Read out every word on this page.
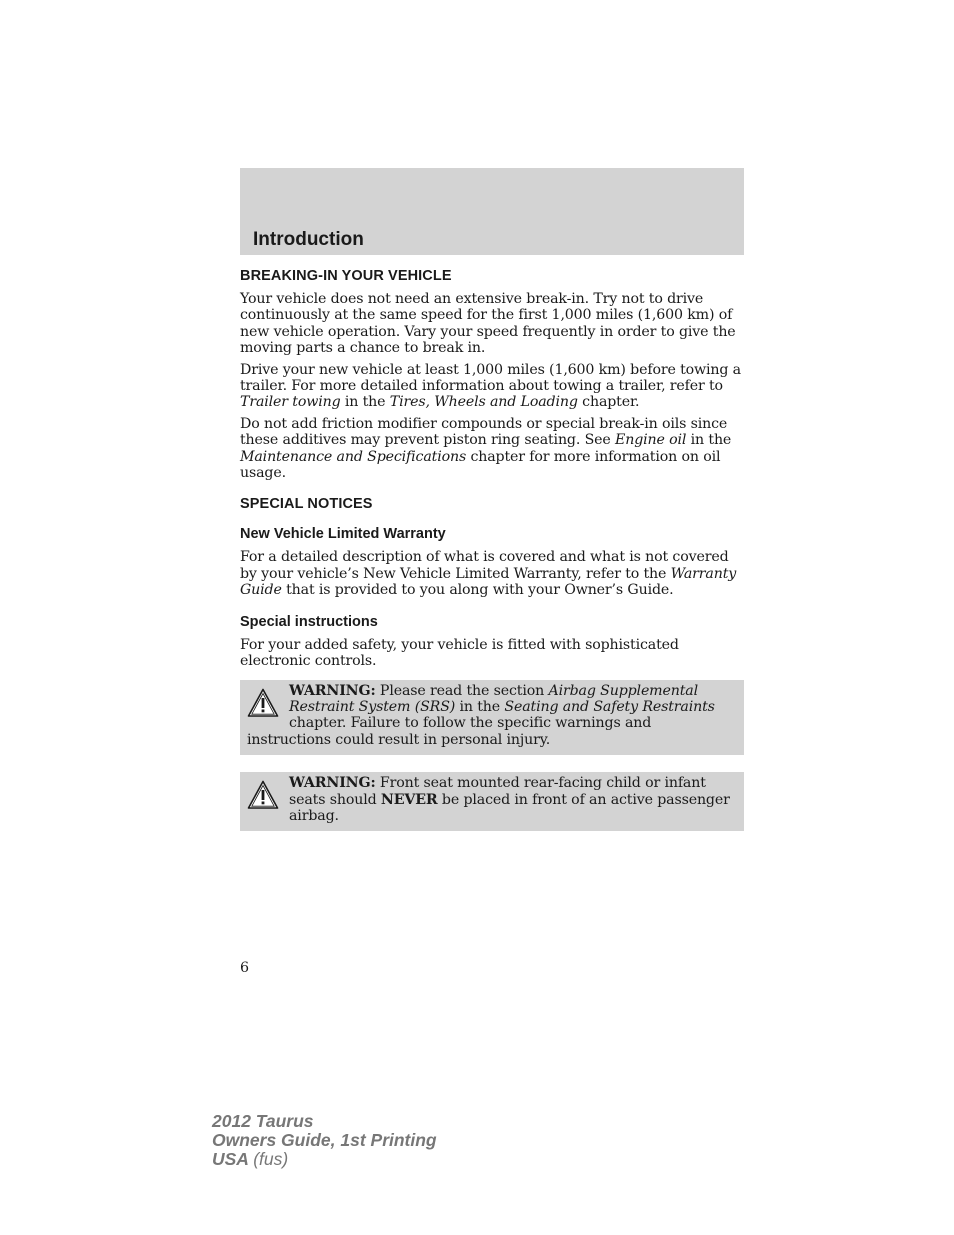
Introduction
BREAKING-IN YOUR VEHICLE

Your vehicle does not need an extensive break-in. Try not to drive continuously at the same speed for the first 1,000 miles (1,600 km) of new vehicle operation. Vary your speed frequently in order to give the moving parts a chance to break in.

Drive your new vehicle at least 1,000 miles (1,600 km) before towing a trailer. For more detailed information about towing a trailer, refer to Trailer towing in the Tires, Wheels and Loading chapter.

Do not add friction modifier compounds or special break-in oils since these additives may prevent piston ring seating. See Engine oil in the Maintenance and Specifications chapter for more information on oil usage.

SPECIAL NOTICES
New Vehicle Limited Warranty

For a detailed description of what is covered and what is not covered by your vehicle’s New Vehicle Limited Warranty, refer to the Warranty Guide that is provided to you along with your Owner’s Guide.

Special instructions

For your added safety, your vehicle is fitted with sophisticated electronic controls.

WARNING: Please read the section Airbag Supplemental Restraint System (SRS) in the Seating and Safety Restraints chapter. Failure to follow the specific warnings and instructions could result in personal injury.

WARNING: Front seat mounted rear-facing child or infant seats should NEVER be placed in front of an active passenger airbag.

6
2012 Taurus
Owners Guide, 1st Printing
USA (fus)
